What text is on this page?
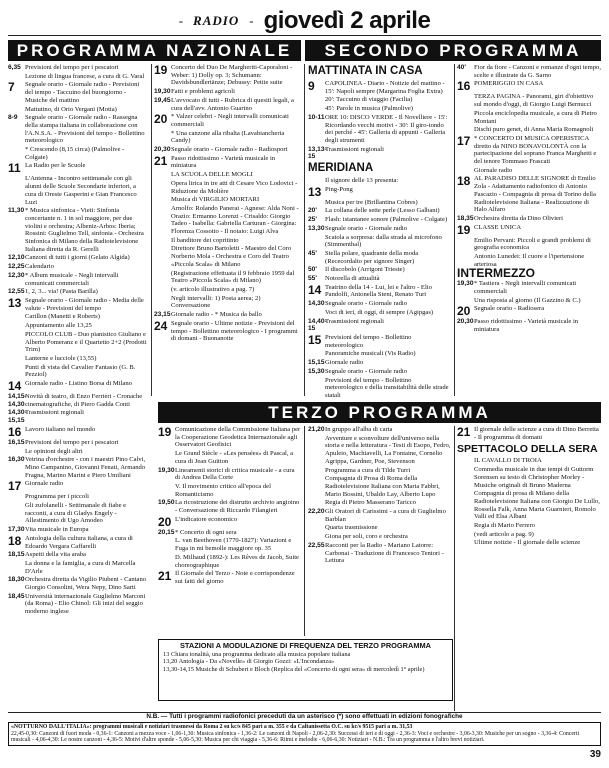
- RADIO - giovedì 2 aprile
PROGRAMMA NAZIONALE	SECONDO PROGRAMMA
6,35 Previsioni del tempo per i pescatori
Lezione di lingua francese, a cura di G. Varal
7	Segnale orario - Giornale radio - Previsioni del tempo - Taccuino del buongiorno - Musiche del mattino
Mattutino, di Orio Vergani (Motta)
8-9	Segnale orario - Giornale radio - Rassegna della stampa italiana in collaborazione con l'A.N.S.A. - Previsioni del tempo - Bollettino meteorologico
* Crescendo (8,15 circa) (Palmolive - Colgate)
11 La Radio per le Scuole
L'Antenna - Incontro settimanale con gli alunni delle Scuole Secondarie inferiori, a cura di Oreste Gasperini e Gian Francesco Luzi
11,30 * Musica sinfonica - Vieti: Sinfonia concertante n. 1 in sol maggiore, per due violini e orchestra; Albeniz-Arbos: Iberia; Rossini: Guglielmo Tell, sinfonia - Orchestra Sinfonica di Milano della Radiotelevisione Italiana diretta da R. Gerelli
12,10 Canzoni di tutti i giorni (Gelato Algida)
12,25 Calendario
12,30 * Album musicale - Negli intervalli comunicati commerciali
12,55 1, 2, 3... via! (Pasta Barilla)
13 Segnale orario - Giornale radio - Media delle valute - Previsioni del tempo
Carillon (Manetti e Roberts)
Appuntamento alle 13,25
PICCOLO CLUB - Duo pianistico Giuliano e Alberto Pomeranz e il Quartetto 2+2 (Prodotti Trim)
Lanterne e lucciole (13,55)
Punti di vista del Cavalier Fantasio (G. B. Pezziol)
14 Giornale radio - Listino Borsa di Milano
14,15-14,30
Novità di teatro, di Enzo Ferrieri - Cronache cinematografiche, di Piero Gadda Conti
14,30-15,15
Trasmissioni regionali
16 Lavoro italiano nel mondo
16,15 Previsioni del tempo per i pescatori
Le opinioni degli altri
16,30 Vetrina d'orchestre - con i maestri Pino Calvi, Mino Campanino, Giovanni Fenati, Armando Fragna, Marino Marini e Piero Umiliani
17 Giornale radio
Programma per i piccoli
Gli zufolanelli - Settimanale di fiabe e racconti, a cura di Gladys Engely - Allestimento di Ugo Amodeo
17,30 Vita musicale in Europa
18 Antologia della cultura italiana, a cura di Edoardo Vergara Caffarelli
18,15 Aspetti della vita araba
La donna e la famiglia, a cura di Marcella D'Arle
18,30 Orchestra diretta da Vigilio Piubeni - Cantano Giorgio Consolini, Wera Nepy, Dino Sarti
18,45 Università internazionale Guglielmo Marconi (da Roma) - Elio Chinol: Gli inizi del seggio moderno inglese
19 Concerto del Duo De Margheriti-Caporaloni - Weber: 1) Dolly op. 3; Schumann: Davidsbundlertänze; Debussy: Petite suite
19,30 Fatti e problemi agricoli
19,45 L'avvocato di tutti - Rubrica di quesiti legali, a cura dell'avv. Antonio Guarino
20 * Valzer celebri - Negli intervalli comunicati commerciali
* Una canzone alla ribalta (Lavabiancheria Candy)
20,30 Segnale orario - Giornale radio - Radiosport
21 Passo ridottissimo - Varietà musicale in miniatura
LA SCUOLA DELLE MOGLI
Opera lirica in tre atti di Cesare Vico Lodovici - Riduzione da Molière
Musica di VIRGILIO MORTARI
Arnolfo: Rolando Panerai - Agnese: Alda Noni - Orazio: Ermanno Lorenzi - Crisaldo: Giorgio Tadeo - Isabella: Gabriella Carturan - Giorgina: Florenza Cossotto - Il notaio: Luigi Alva
Il banditore dei copritinto
Direttore Bruno Bartoletti - Maestro del Coro Norberto Mola - Orchestra e Coro del Teatro «Piccola Scala» di Milano
(Registrazione effettuata il 9 febbraio 1959 dal Teatro «Piccola Scala» di Milano)
(v. articolo illustrativo a pag. 7)
Negli intervalli: 1) Posta aerea; 2) Conversazione
23,15 Giornale radio - * Musica da ballo
24 Segnale orario - Ultime notizie - Previsioni del tempo - Bollettino meteorologico - I programmi di domani - Buonanotte
MATTINATA IN CASA
9	CAPOLINEA - Diario - Notizie del mattino - 15': Napoli sempre (Margarina Foglia Extra)
20': Taccuino di viaggio (Facilia)
45': Parole in musica (Palmolive)
10-11 ORE 10: DISCO VERDE - Il Novelliere - 15': Ricordando vecchi motivi - 30': Il giro-tondo dei perché - 45': Galleria di appunti - Galleria degli strumenti
13,13-15
Trasmissioni regionali
MERIDIANA
Il signore delle 13 presenta:
13 Ping-Pong
Musica per tre (Brillantina Cobres)
20'	La collana delle sette perle (Lesso Galbani)
25'	Flash: istantanee sonore (Palmolive - Colgate)
13,30 Segnale orario - Giornale radio
Scatola a sorpresa: dalla strada al microfono (Simmenthal)
45'	Stella polare, quadrante della moda (Rececordalto per signore Singer)
50'	Il discobolo (Arrigoni Trieste)
55'	Notorella di attualità
14 Teatrino della 14 - Lui, lei e l'altro - Elio Pandolfi, Antonella Steni, Renato Turi
14,30 Segnale orario - Giornale radio
Voci di ieri, di oggi, di sempre (Agipgas)
14,40-15
Trasmissioni regionali
15 Previsioni del tempo - Bollettino meteorologico
Panoramiche musicali (Vis Radio)
15,15 Giornale radio
15,30 Segnale orario - Giornale radio
Previsioni del tempo - Bollettino meteorologico e della transitabilità delle strade statali
40'	Fior da fiore - Canzoni e romanze d'ogni tempo, scelte e illustrate da G. Sarno
16 POMERIGGIO IN CASA
TERZA PAGINA - Panorami, giri d'obiettivo sul mondo d'oggi, di Giorgio Luigi Bernucci
Piccola enciclopedia musicale, a cura di Pietro Montani
Dischi puro genet, di Anna Maria Romagnoli
17 * CONCERTO DI MUSICA OPERISTICA diretto da NINO BONAVOLONTÀ con la partecipazione del soprano Franca Marghetti e del tenore Tommaso Frascati
Giornale radio
18 AL PARADISO DELLE SIGNORE di Emilio Zola - Adattamento radiofonico di Antonio Pascazio - Compagnia di prosa di Torino della Radiotelevisione Italiana - Realizzazione di Halo Alfaro
18,35 Orchestra diretta da Dino Olivieri
19 CLASSE UNICA
Emilio Pervani: Piccoli e grandi problemi di geografia economica
Antonio Lunedei: Il cuore e l'ipertensione arteriosa
INTERMEZZO
19,30 * Tastiera - Negli intervalli comunicati commerciali
Una risposta al giorno (Il Gazzino & C.)
20 Segnale orario - Radiosera
20,30 Passo ridottissimo - Varietà musicale in miniatura
TERZO PROGRAMMA
19 Comunicazione della Commissione Italiana per la Cooperazione Geodetica Internazionale agli Osservatori Geofisici
Le Grand Siècle - «Les pensées» di Pascal, a cura di Jean Guitton
19,30 Lineamenti storici di critica musicale - a cura di Andrea Della Corte
V. Il movimento critico all'epoca del Romanticismo
19,50 La ricostruzione dei distrutto archivio angioino - Conversazione di Riccardo Filangieri
20 L'indicatore economico
20,15 * Concerto di ogni sera
L. van Beethoven (1770-1827): Variazioni e Fuga in mi bemolle maggiore op. 35
D. Milhaud (1892-): Les Rêves de Jacob, Suite choreographique
21 Il Giornale del Terzo - Note e corrispondenze sui fatti del giorno
21,20 In gruppo all'alba di carta
Avventure e sconvolture dell'universo nella storia e nella letteratura - Testi di Esopo, Fedro, Apuleio, Machiavelli, La Fontaine, Cornelio Agrippa, Gardner, Poe, Stevenson
Programma a cura di Tilde Turri
Compagnia di Prosa di Roma della Radiotelevisione Italiana con Maria Fabbri, Mario Bossini, Ubaldo Lay, Alberto Lupo
Regia di Pietro Masserano Taricco
22,20 Gli Oratori di Carissimi - a cura di Guglielmo Barblan
Quarta trasmissione
Giona per soli, coro e orchestra
22,55 Racconti per la Radio - Mariano Latorre: Carbonai - Traduzione di Francesco Tentori - Lettura
21 Il giornale delle scienze a cura di Dino Berretta - Il programma di domani
SPETTACOLO DELLA SERA
IL CAVALLO DI TROIA
Commedia musicale in due tempi di Guttorm Sorensen su testo di Christopher Morley - Musiche originali di Bruno Maderna
Compagnia di prosa di Milano della Radiotelevisione Italiana con Giorgio De Lullo, Rossella Falk, Anna Maria Guarnieri, Romolo Valli ed Elsa Albani
Regia di Mario Ferrero
(vedi articolo a pag. 9)
Ultime notizie - Il giornale delle scienze
STAZIONI A MODULAZIONE DI FREQUENZA DEL TERZO PROGRAMMA
13 Chiara tonalità, una programma dedicato alla musica popolare italiana
13,20 Antologia - Da «Novelle» di Giorgio Gozzi: «L'Incondanza»
13,30-14,15 Musiche di Schubert e Bloch (Replica del «Concerto di ogni sera» di mercoledì 1° aprile)
N.B. — Tutti i programmi radiofonici preceduti da un asterisco (*) sono effettuati in edizioni fonografiche
«NOTTURNO DALL'ITALIA»: programmi musicali e notiziari trasmessi da Roma 2 su kc/s 845 pari a m. 355 e da Caltanissetta O.C. su kc/s 9515 pari a m. 31,53
22,45-0,30: Canzoni di fuori moda - 0,36-1: Canzoni a mezza voce - 1,06-1,30: Musica sinfonica - 1,36-2: Le canzoni di Napoli - 2,06-2,30: Successi di ieri e di oggi - 2,36-3: Voci e orchestre - 3,06-3,30: Musiche per un sogno - 3,36-4: Concerti musicali - 4,06-4,30: Le nostre canzoni - 4,36-5: Motivi d'altre sponde - 5,06-5,30: Musica per chi viaggia - 5,36-6: Ritmi e melodie - 6,06-6,30: Notiziari - N.B.: Tra un programma e l'altro brevi notiziari.
39
